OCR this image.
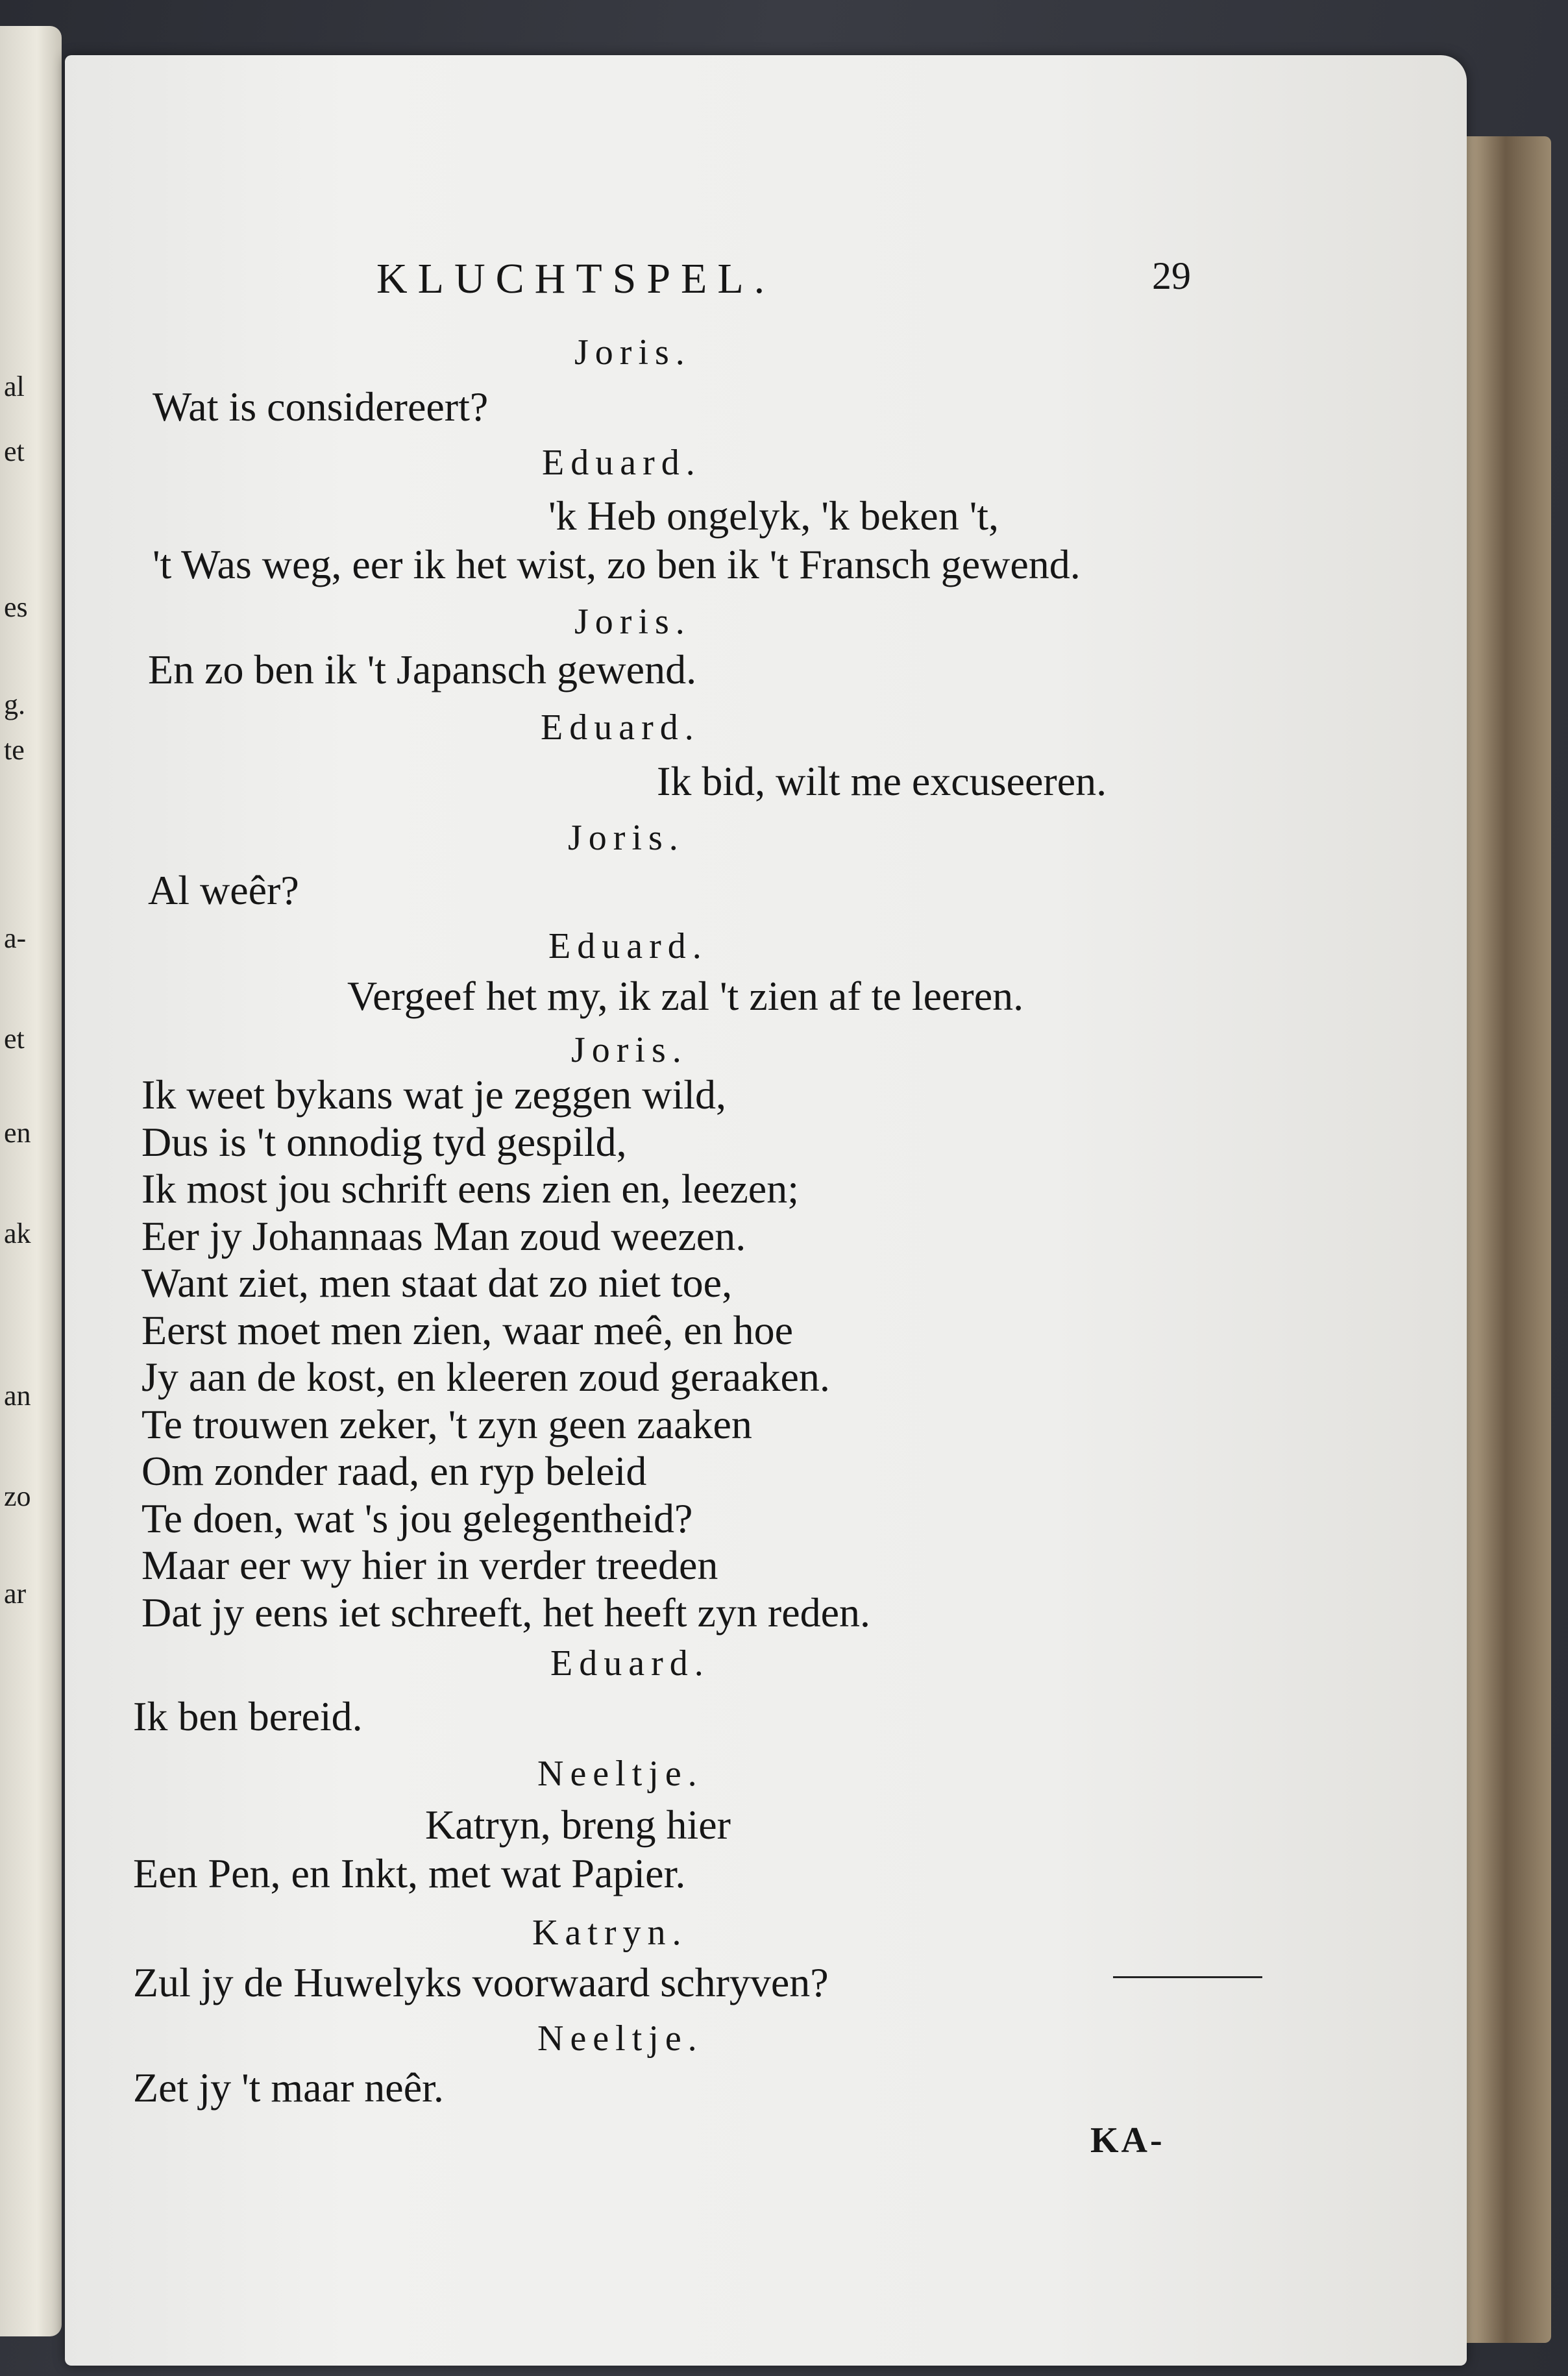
al
et
es
g.
te
a-
et
en
ak
an
zo
ar
KLUCHTSPEL.	29
Joris.
Wat is considereert?
Eduard.
'k Heb ongelyk, 'k beken 't,
't Was weg, eer ik het wist, zo ben ik 't Fransch gewend.
Joris.
En zo ben ik 't Japansch gewend.
Eduard.
Ik bid, wilt me excuseeren.
Joris.
Al weêr?
Eduard.
Vergeef het my, ik zal 't zien af te leeren.
Joris.
Ik weet bykans wat je zeggen wild,
Dus is 't onnodig tyd gespild,
Ik most jou schrift eens zien en, leezen;
Eer jy Johannaas Man zoud weezen.
Want ziet, men staat dat zo niet toe,
Eerst moet men zien, waar meê, en hoe
Jy aan de kost, en kleeren zoud geraaken.
Te trouwen zeker, 't zyn geen zaaken
Om zonder raad, en ryp beleid
Te doen, wat 's jou gelegentheid?
Maar eer wy hier in verder treeden
Dat jy eens iet schreeft, het heeft zyn reden.
Eduard.
Ik ben bereid.
Neeltje.
Katryn, breng hier
Een Pen, en Inkt, met wat Papier.
Katryn.
Zul jy de Huwelyks voorwaard schryven?
Neeltje.
Zet jy 't maar neêr.
KA-
